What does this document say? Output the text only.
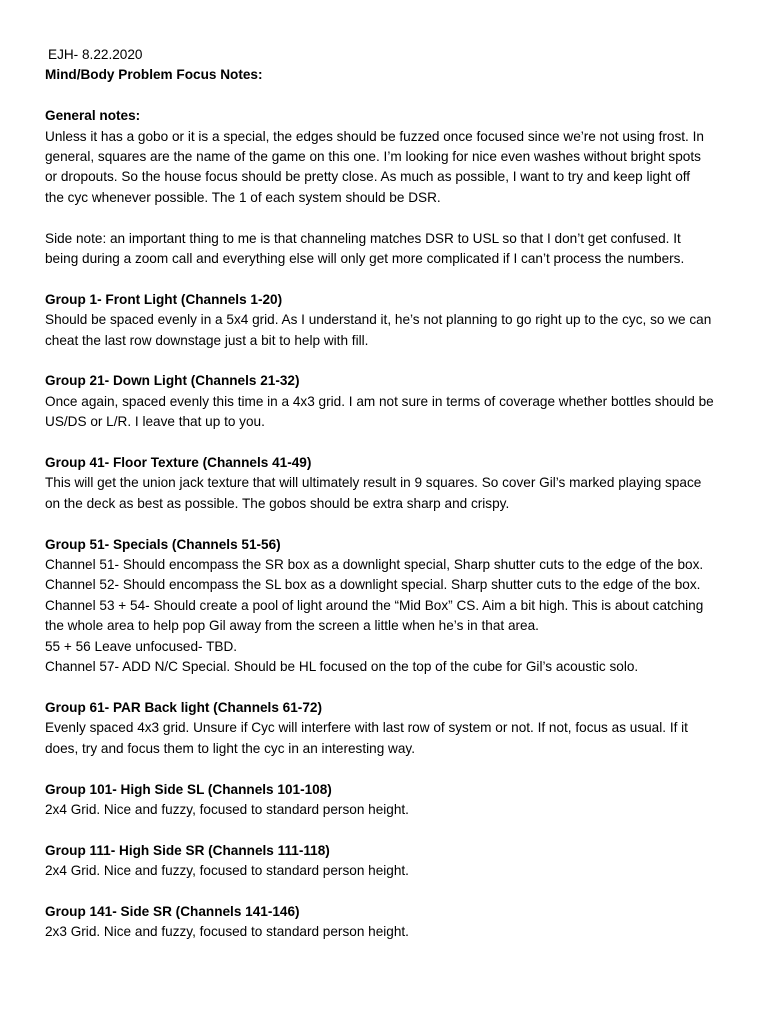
EJH- 8.22.2020
Mind/Body Problem Focus Notes:
General notes:
Unless it has a gobo or it is a special, the edges should be fuzzed once focused since we’re not using frost. In
general, squares are the name of the game on this one. I’m looking for nice even washes without bright spots
or dropouts. So the house focus should be pretty close. As much as possible, I want to try and keep light off
the cyc whenever possible. The 1 of each system should be DSR.
Side note: an important thing to me is that channeling matches DSR to USL so that I don’t get confused. It
being during a zoom call and everything else will only get more complicated if I can’t process the numbers.
Group 1- Front Light (Channels 1-20)
Should be spaced evenly in a 5x4 grid. As I understand it, he’s not planning to go right up to the cyc, so we can
cheat the last row downstage just a bit to help with fill.
Group 21- Down Light (Channels 21-32)
Once again, spaced evenly this time in a 4x3 grid. I am not sure in terms of coverage whether bottles should be
US/DS or L/R. I leave that up to you.
Group 41- Floor Texture (Channels 41-49)
This will get the union jack texture that will ultimately result in 9 squares. So cover Gil’s marked playing space
on the deck as best as possible. The gobos should be extra sharp and crispy.
Group 51- Specials (Channels 51-56)
Channel 51- Should encompass the SR box as a downlight special, Sharp shutter cuts to the edge of the box.
Channel 52- Should encompass the SL box as a downlight special. Sharp shutter cuts to the edge of the box.
Channel 53 + 54- Should create a pool of light around the “Mid Box” CS. Aim a bit high. This is about catching
the whole area to help pop Gil away from the screen a little when he’s in that area.
55 + 56 Leave unfocused- TBD.
Channel 57- ADD N/C Special. Should be HL focused on the top of the cube for Gil’s acoustic solo.
Group 61- PAR Back light (Channels 61-72)
Evenly spaced 4x3 grid. Unsure if Cyc will interfere with last row of system or not. If not, focus as usual. If it
does, try and focus them to light the cyc in an interesting way.
Group 101- High Side SL (Channels 101-108)
2x4 Grid. Nice and fuzzy, focused to standard person height.
Group 111- High Side SR (Channels 111-118)
2x4 Grid. Nice and fuzzy, focused to standard person height.
Group 141- Side SR (Channels 141-146)
2x3 Grid. Nice and fuzzy, focused to standard person height.
